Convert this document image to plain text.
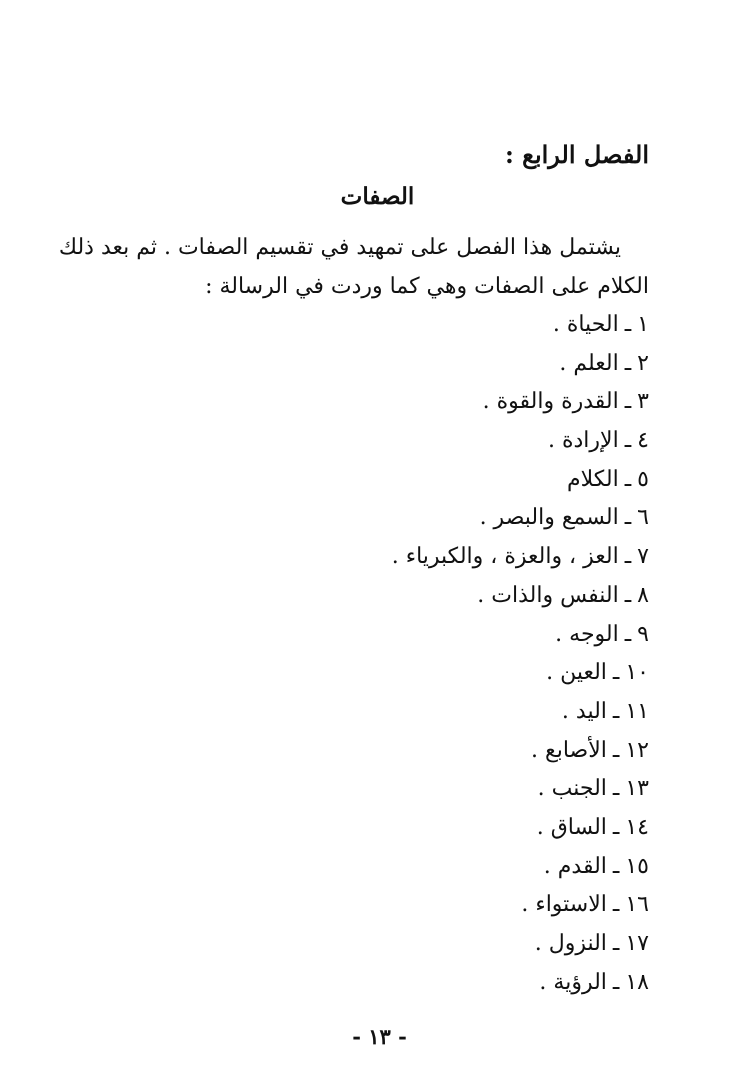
الفصل الرابع :
الصفات
يشتمل هذا الفصل على تمهيد في تقسيم الصفات . ثم بعد ذلك
الكلام على الصفات وهي كما وردت في الرسالة :
١ـالحياة .
٢ـالعلم .
٣ـالقدرة والقوة .
٤ـالإرادة .
٥ـالكلام
٦ـالسمع والبصر .
٧ـالعز ، والعزة ، والكبرياء .
٨ـالنفس والذات .
٩ـالوجه .
١٠ـالعين .
١١ـاليد .
١٢ـالأصابع .
١٣ـالجنب .
١٤ـالساق .
١٥ـالقدم .
١٦ـالاستواء .
١٧ـالنزول .
١٨ـالرؤية .
- ١٣ -
